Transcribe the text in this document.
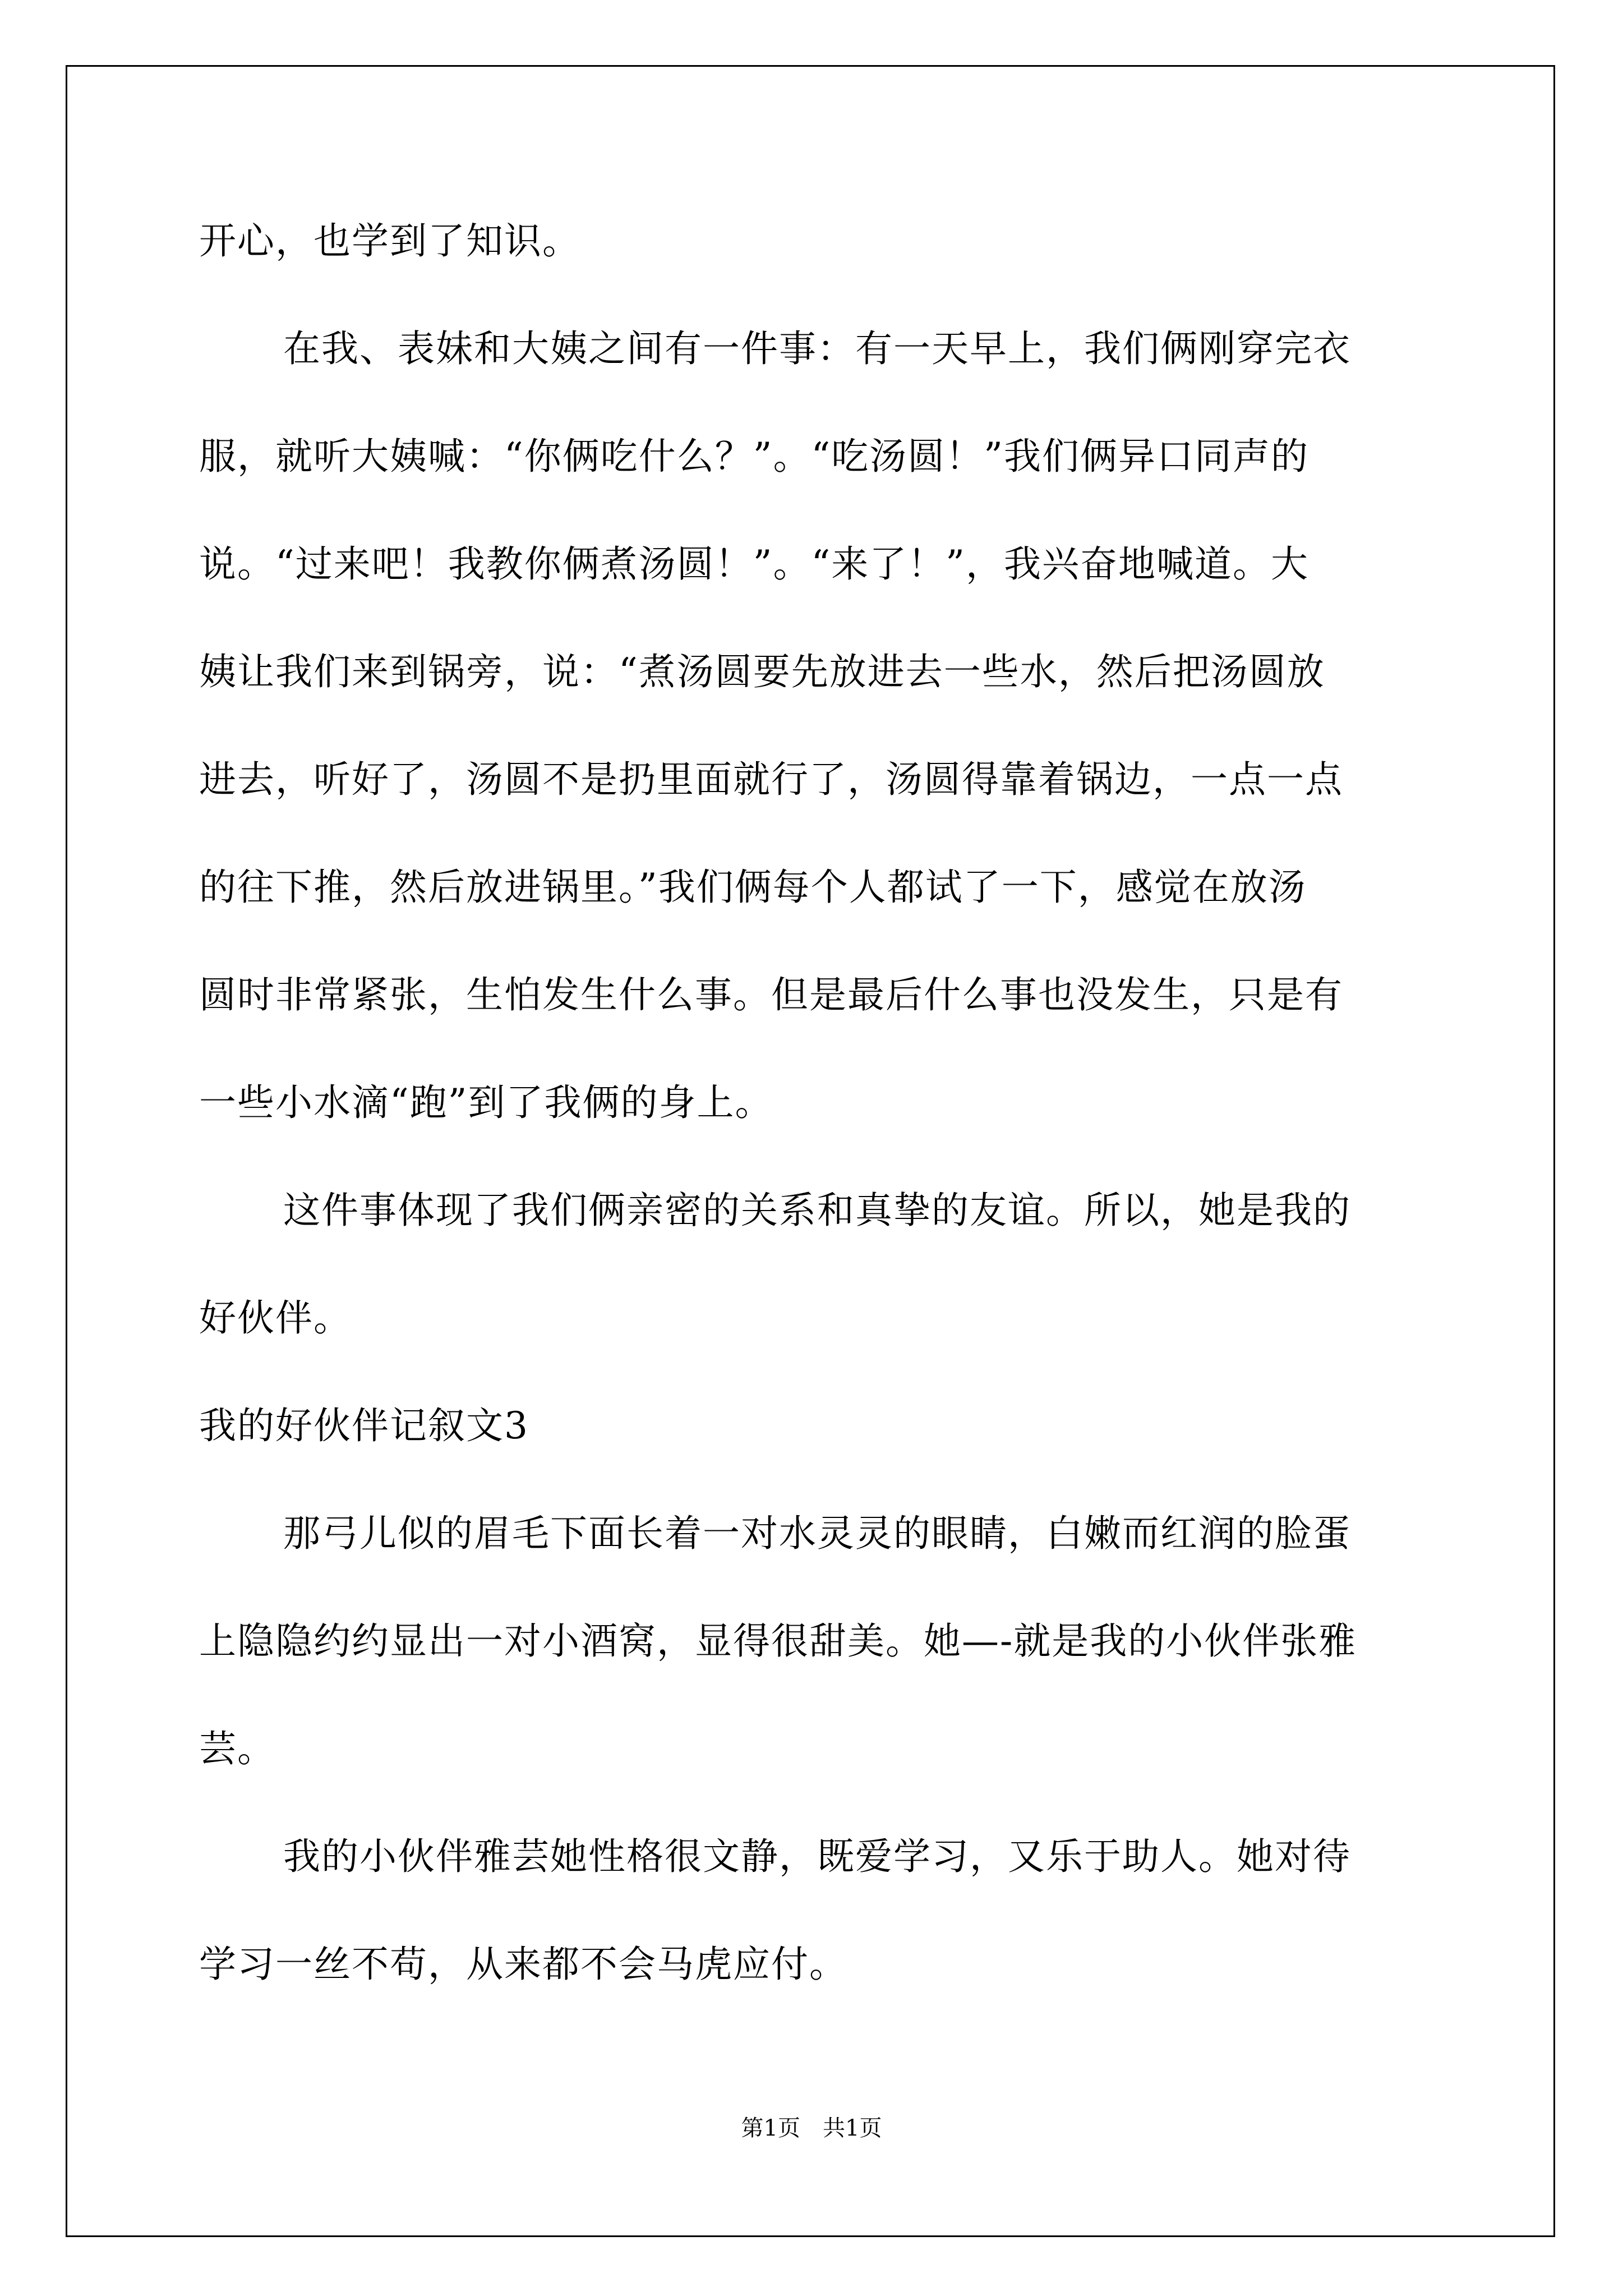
开心，也学到了知识。
在我、表妹和大姨之间有一件事：有一天早上，我们俩刚穿完衣
服，就听大姨喊：“你俩吃什么？”。“吃汤圆！”我们俩异口同声的
说。“过来吧！我教你俩煮汤圆！”。“来了！”，我兴奋地喊道。大
姨让我们来到锅旁，说：“煮汤圆要先放进去一些水，然后把汤圆放
进去，听好了，汤圆不是扔里面就行了，汤圆得靠着锅边，一点一点
的往下推，然后放进锅里。”我们俩每个人都试了一下，感觉在放汤
圆时非常紧张，生怕发生什么事。但是最后什么事也没发生，只是有
一些小水滴“跑”到了我俩的身上。
这件事体现了我们俩亲密的关系和真挚的友谊。所以，她是我的
好伙伴。
我的好伙伴记叙文3
那弓儿似的眉毛下面长着一对水灵灵的眼睛，白嫩而红润的脸蛋
上隐隐约约显出一对小酒窝，显得很甜美。她—-就是我的小伙伴张雅
芸。
我的小伙伴雅芸她性格很文静，既爱学习，又乐于助人。她对待
学习一丝不苟，从来都不会马虎应付。
第1页　共1页
